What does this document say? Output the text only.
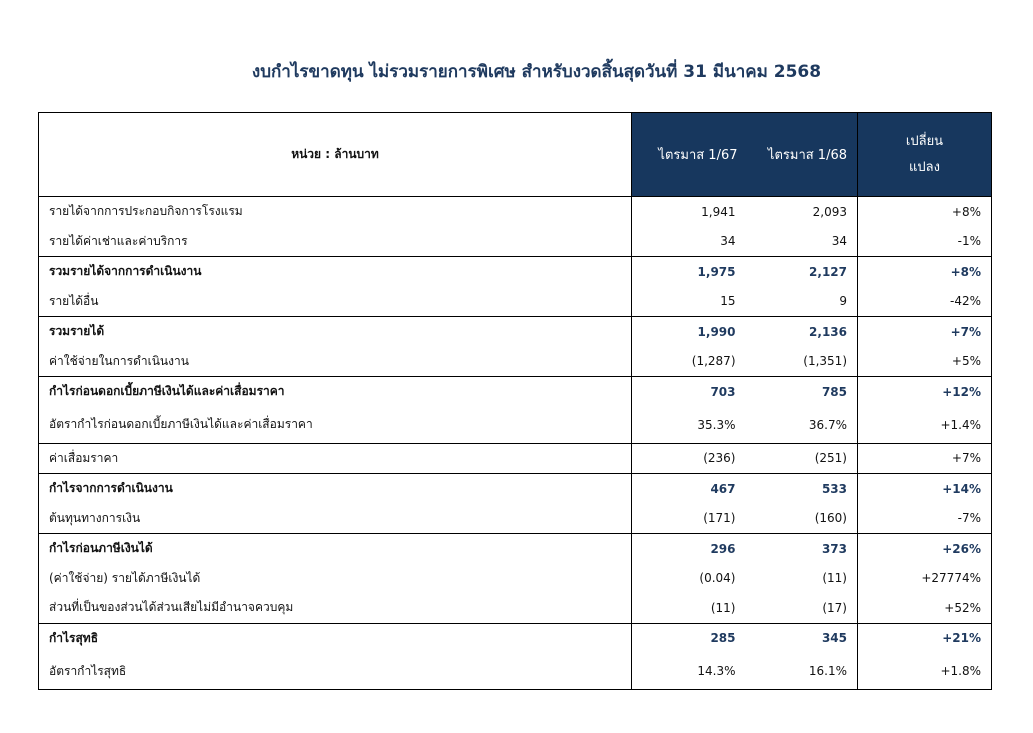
งบกำไรขาดทุน ไม่รวมรายการพิเศษ สำหรับงวดสิ้นสุดวันที่ 31 มีนาคม 2568
หน่วย : ล้านบาท	ไตรมาส 1/67	ไตรมาส 1/68	เปลี่ยน
แปลง

รายได้จากการประกอบกิจการโรงแรม	1,941	2,093	+8%
รายได้ค่าเช่าและค่าบริการ	34	34	-1%
รวมรายได้จากการดำเนินงาน	1,975	2,127	+8%
รายได้อื่น	15	9	-42%
รวมรายได้	1,990	2,136	+7%
ค่าใช้จ่ายในการดำเนินงาน	(1,287)	(1,351)	+5%
กำไรก่อนดอกเบี้ยภาษีเงินได้และค่าเสื่อมราคา	703	785	+12%
อัตรากำไรก่อนดอกเบี้ยภาษีเงินได้และค่าเสื่อมราคา	35.3%	36.7%	+1.4%
ค่าเสื่อมราคา	(236)	(251)	+7%
กำไรจากการดำเนินงาน	467	533	+14%
ต้นทุนทางการเงิน	(171)	(160)	-7%
กำไรก่อนภาษีเงินได้	296	373	+26%
(ค่าใช้จ่าย) รายได้ภาษีเงินได้	(0.04)	(11)	+27774%
ส่วนที่เป็นของส่วนได้ส่วนเสียไม่มีอำนาจควบคุม	(11)	(17)	+52%
กำไรสุทธิ	285	345	+21%
อัตรากำไรสุทธิ	14.3%	16.1%	+1.8%
